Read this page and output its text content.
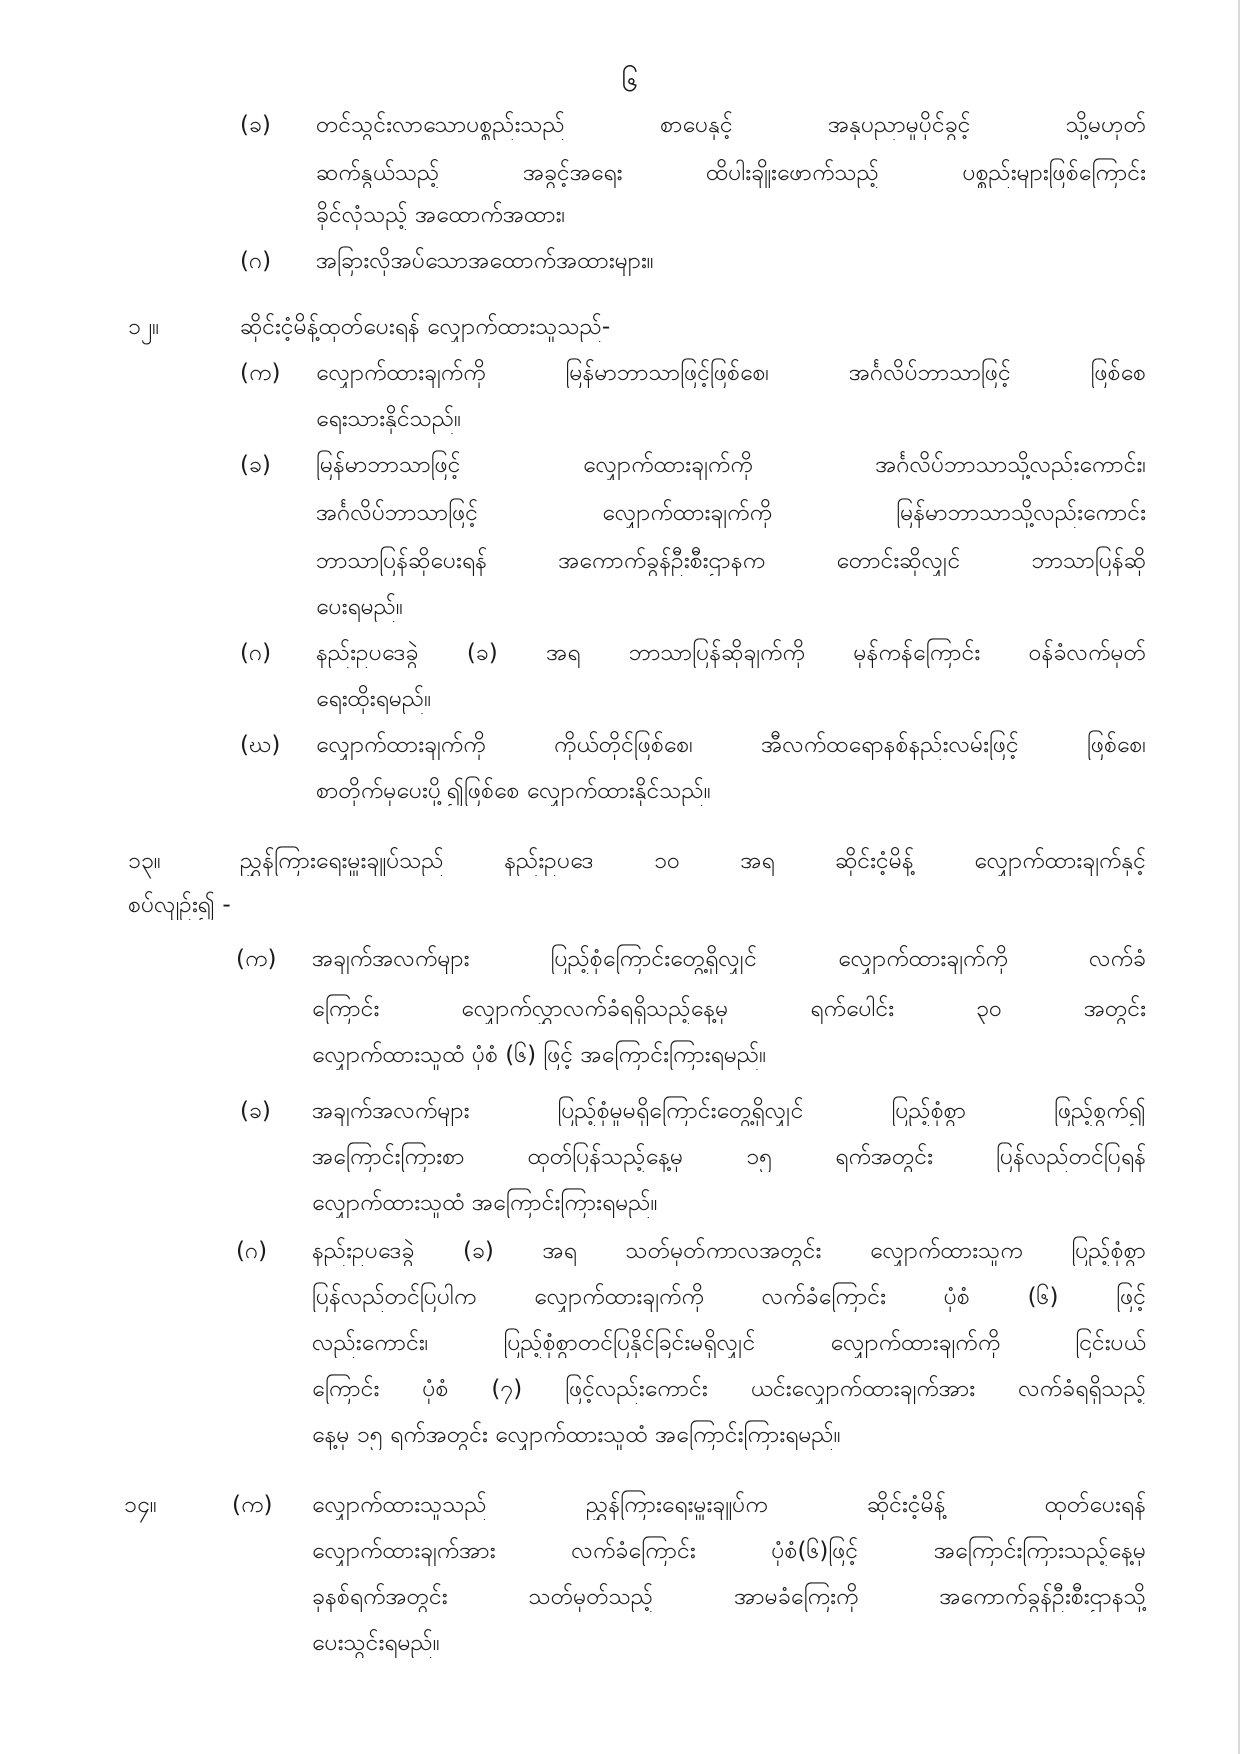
၆
(ခ) တင်သွင်းလာသောပစ္စည်းသည် စာပေနှင့် အနုပညာမူပိုင်ခွင့် သို့မဟုတ်
ဆက်နွယ်သည့် အခွင့်အရေး ထိပါးချိုးဖောက်သည့် ပစ္စည်းများဖြစ်ကြောင်း
ခိုင်လုံသည့် အထောက်အထား၊
(ဂ) အခြားလိုအပ်သောအထောက်အထားများ။
၁၂။	ဆိုင်းငံ့မိန့်ထုတ်ပေးရန် လျှောက်ထားသူသည်-
(က) လျှောက်ထားချက်ကို မြန်မာဘာသာဖြင့်ဖြစ်စေ၊ အင်္ဂလိပ်ဘာသာဖြင့် ဖြစ်စေ
ရေးသားနိုင်သည်။
(ခ) မြန်မာဘာသာဖြင့် လျှောက်ထားချက်ကို အင်္ဂလိပ်ဘာသာသို့လည်းကောင်း၊
အင်္ဂလိပ်ဘာသာဖြင့် လျှောက်ထားချက်ကို မြန်မာဘာသာသို့လည်းကောင်း
ဘာသာပြန်ဆိုပေးရန် အကောက်ခွန်ဦးစီးဌာနက တောင်းဆိုလျှင် ဘာသာပြန်ဆို
ပေးရမည်။
(ဂ) နည်းဥပဒေခွဲ (ခ) အရ ဘာသာပြန်ဆိုချက်ကို မှန်ကန်ကြောင်း ဝန်ခံလက်မှတ်
ရေးထိုးရမည်။
(ဃ) လျှောက်ထားချက်ကို ကိုယ်တိုင်ဖြစ်စေ၊ အီလက်ထရောနစ်နည်းလမ်းဖြင့် ဖြစ်စေ၊
စာတိုက်မှပေးပို့၍ဖြစ်စေ လျှောက်ထားနိုင်သည်။
၁၃။	ညွှန်ကြားရေးမှူးချုပ်သည် နည်းဥပဒေ ၁၀ အရ ဆိုင်းငံ့မိန့် လျှောက်ထားချက်နှင့်
စပ်လျဉ်း၍ -
(က) အချက်အလက်များ ပြည့်စုံကြောင်းတွေ့ရှိလျှင် လျှောက်ထားချက်ကို လက်ခံ
ကြောင်း လျှောက်လွှာလက်ခံရရှိသည့်နေ့မှ ရက်ပေါင်း ၃၀ အတွင်း
လျှောက်ထားသူထံ ပုံစံ (၆) ဖြင့် အကြောင်းကြားရမည်။
(ခ) အချက်အလက်များ ပြည့်စုံမှုမရှိကြောင်းတွေ့ရှိလျှင် ပြည့်စုံစွာ ဖြည့်စွက်၍
အကြောင်းကြားစာ ထုတ်ပြန်သည့်နေ့မှ ၁၅ ရက်အတွင်း ပြန်လည်တင်ပြရန်
လျှောက်ထားသူထံ အကြောင်းကြားရမည်။
(ဂ) နည်းဥပဒေခွဲ (ခ) အရ သတ်မှတ်ကာလအတွင်း လျှောက်ထားသူက ပြည့်စုံစွာ
ပြန်လည်တင်ပြပါက လျှောက်ထားချက်ကို လက်ခံကြောင်း ပုံစံ (၆) ဖြင့်
လည်းကောင်း၊ ပြည့်စုံစွာတင်ပြနိုင်ခြင်းမရှိလျှင် လျှောက်ထားချက်ကို ငြင်းပယ်
ကြောင်း ပုံစံ (၇) ဖြင့်လည်းကောင်း ယင်းလျှောက်ထားချက်အား လက်ခံရရှိသည့်
နေ့မှ ၁၅ ရက်အတွင်း လျှောက်ထားသူထံ အကြောင်းကြားရမည်။
၁၄။	(က) လျှောက်ထားသူသည် ညွှန်ကြားရေးမှူးချုပ်က ဆိုင်းငံ့မိန့် ထုတ်ပေးရန်
လျှောက်ထားချက်အား လက်ခံကြောင်း ပုံစံ(၆)ဖြင့် အကြောင်းကြားသည့်နေ့မှ
ခုနစ်ရက်အတွင်း သတ်မှတ်သည့် အာမခံကြေးကို အကောက်ခွန်ဦးစီးဌာနသို့
ပေးသွင်းရမည်။
